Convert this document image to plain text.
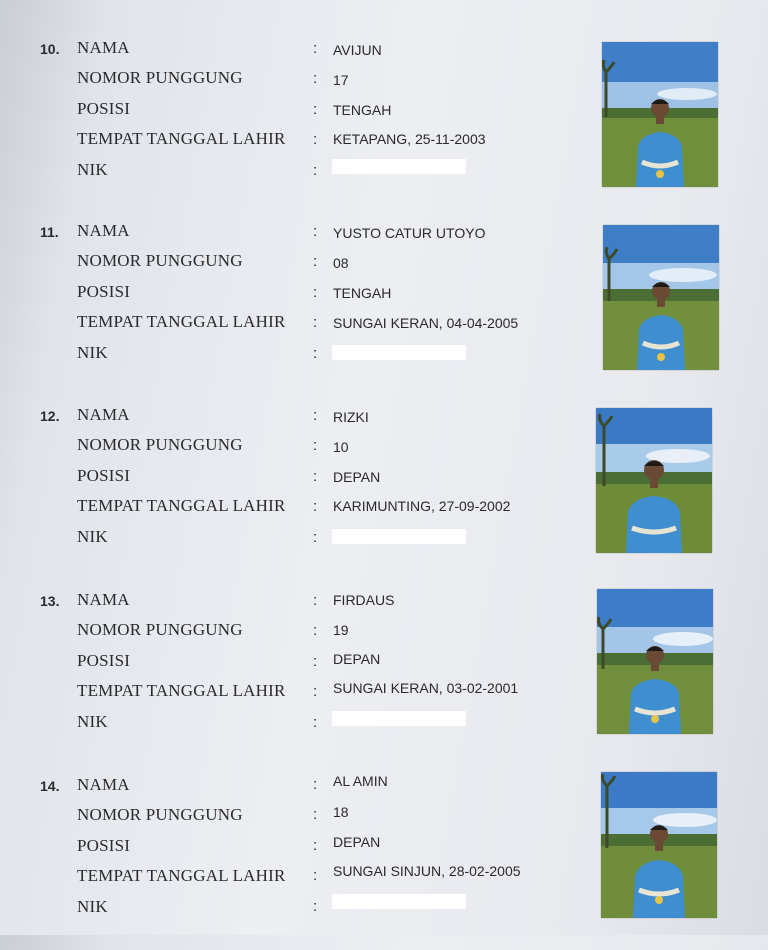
10. NAMA
NOMOR PUNGGUNG
POSISI
TEMPAT TANGGAL LAHIR
NIK
:
:
:
:
:
AVIJUN
17
TENGAH
KETAPANG, 25-11-2003
11. NAMA
NOMOR PUNGGUNG
POSISI
TEMPAT TANGGAL LAHIR
NIK
:
:
:
:
:
YUSTO CATUR UTOYO
08
TENGAH
SUNGAI KERAN, 04-04-2005
12. NAMA
NOMOR PUNGGUNG
POSISI
TEMPAT TANGGAL LAHIR
NIK
:
:
:
:
:
RIZKI
10
DEPAN
KARIMUNTING, 27-09-2002
13. NAMA
NOMOR PUNGGUNG
POSISI
TEMPAT TANGGAL LAHIR
NIK
:
:
:
:
:
FIRDAUS
19
DEPAN
SUNGAI KERAN, 03-02-2001
14. NAMA
NOMOR PUNGGUNG
POSISI
TEMPAT TANGGAL LAHIR
NIK
:
:
:
:
:
AL AMIN
18
DEPAN
SUNGAI SINJUN, 28-02-2005
